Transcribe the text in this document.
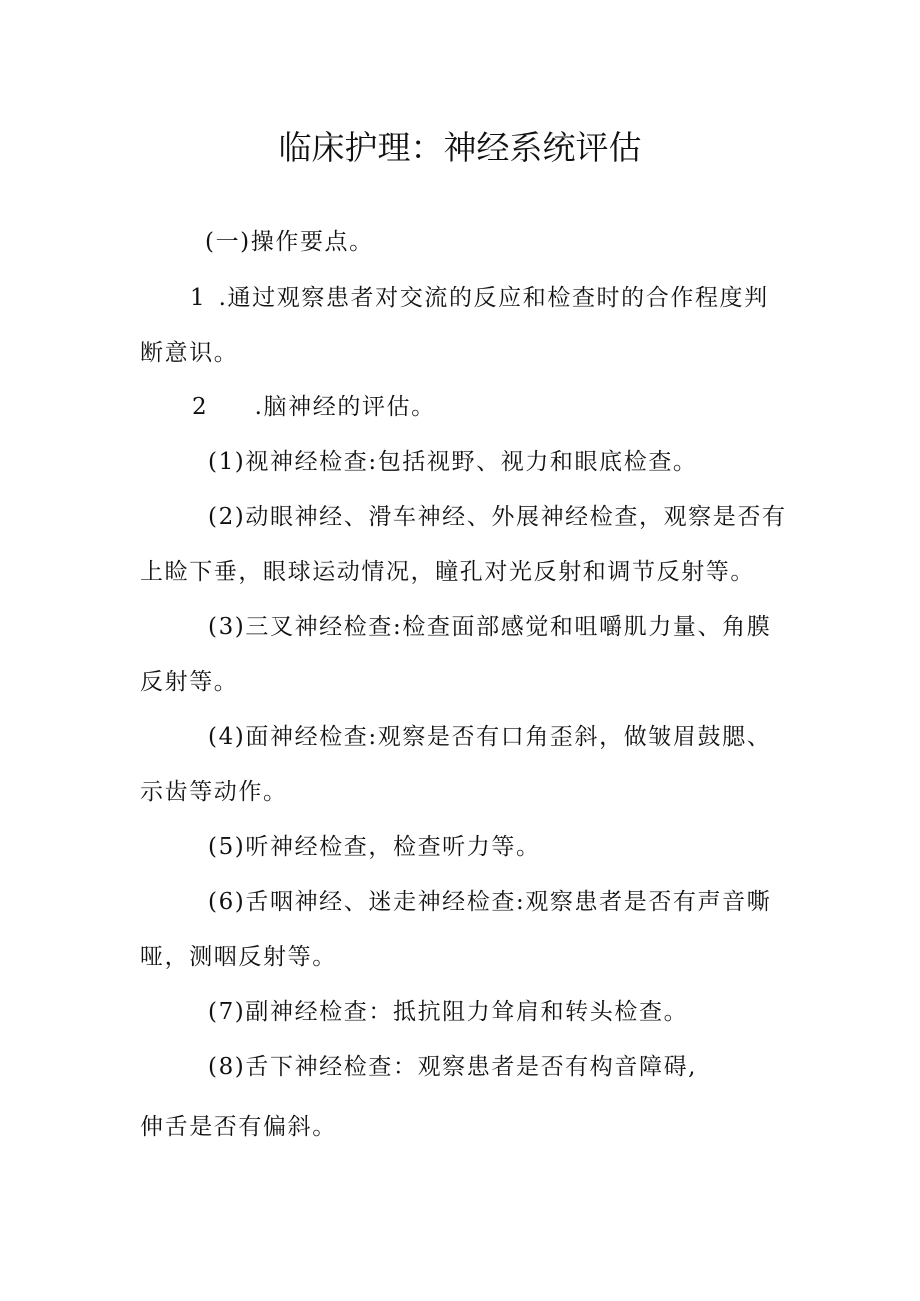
临床护理：神经系统评估

(一)操作要点。

1 .通过观察患者对交流的反应和检查时的合作程度判

断意识。

2 .脑神经的评估。

(1)视神经检查:包括视野、视力和眼底检查。

(2)动眼神经、滑车神经、外展神经检查，观察是否有

上睑下垂，眼球运动情况，瞳孔对光反射和调节反射等。

(3)三叉神经检查:检查面部感觉和咀嚼肌力量、角膜

反射等。

(4)面神经检查:观察是否有口角歪斜，做皱眉鼓腮、

示齿等动作。

(5)听神经检查，检查听力等。

(6)舌咽神经、迷走神经检查:观察患者是否有声音嘶

哑，测咽反射等。

(7)副神经检查：抵抗阻力耸肩和转头检查。

(8)舌下神经检查：观察患者是否有构音障碍,

伸舌是否有偏斜。
